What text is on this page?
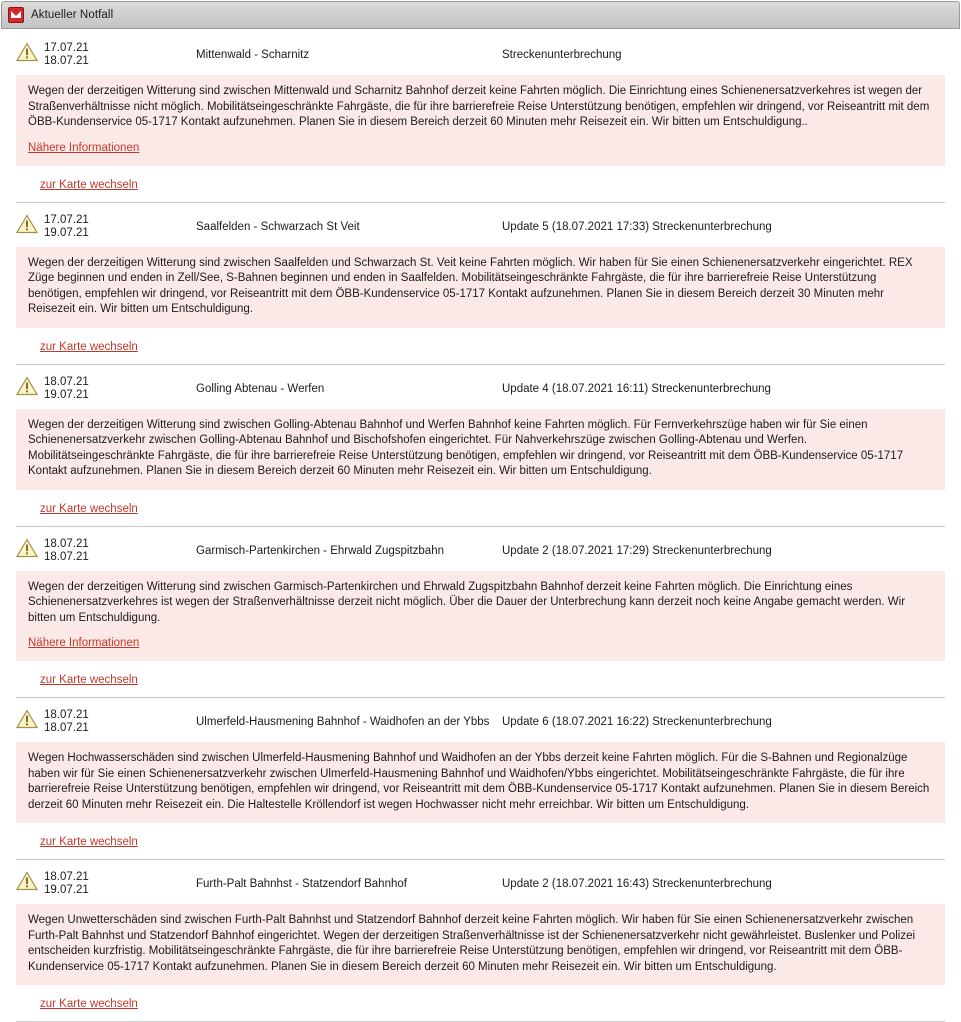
Aktueller Notfall
17.07.21
18.07.21	Mittenwald - Scharnitz	Streckenunterbrechung
Wegen der derzeitigen Witterung sind zwischen Mittenwald und Scharnitz Bahnhof derzeit keine Fahrten möglich. Die Einrichtung eines Schienenersatzverkehres ist wegen der Straßenverhältnisse nicht möglich. Mobilitätseingeschränkte Fahrgäste, die für ihre barrierefreie Reise Unterstützung benötigen, empfehlen wir dringend, vor Reiseantritt mit dem ÖBB-Kundenservice 05-1717 Kontakt aufzunehmen. Planen Sie in diesem Bereich derzeit 60 Minuten mehr Reisezeit ein. Wir bitten um Entschuldigung..
Nähere Informationen
zur Karte wechseln
17.07.21
19.07.21	Saalfelden - Schwarzach St Veit	Update 5 (18.07.2021 17:33) Streckenunterbrechung
Wegen der derzeitigen Witterung sind zwischen Saalfelden und Schwarzach St. Veit keine Fahrten möglich. Wir haben für Sie einen Schienenersatzverkehr eingerichtet. REX Züge beginnen und enden in Zell/See, S-Bahnen beginnen und enden in Saalfelden. Mobilitätseingeschränkte Fahrgäste, die für ihre barrierefreie Reise Unterstützung benötigen, empfehlen wir dringend, vor Reiseantritt mit dem ÖBB-Kundenservice 05-1717 Kontakt aufzunehmen. Planen Sie in diesem Bereich derzeit 30 Minuten mehr Reisezeit ein. Wir bitten um Entschuldigung.
zur Karte wechseln
18.07.21
19.07.21	Golling Abtenau - Werfen	Update 4 (18.07.2021 16:11) Streckenunterbrechung
Wegen der derzeitigen Witterung sind zwischen Golling-Abtenau Bahnhof und Werfen Bahnhof keine Fahrten möglich. Für Fernverkehrszüge haben wir für Sie einen Schienenersatzverkehr zwischen Golling-Abtenau Bahnhof und Bischofshofen eingerichtet. Für Nahverkehrszüge zwischen Golling-Abtenau und Werfen. Mobilitätseingeschränkte Fahrgäste, die für ihre barrierefreie Reise Unterstützung benötigen, empfehlen wir dringend, vor Reiseantritt mit dem ÖBB-Kundenservice 05-1717 Kontakt aufzunehmen. Planen Sie in diesem Bereich derzeit 60 Minuten mehr Reisezeit ein. Wir bitten um Entschuldigung.
zur Karte wechseln
18.07.21
18.07.21	Garmisch-Partenkirchen - Ehrwald Zugspitzbahn	Update 2 (18.07.2021 17:29) Streckenunterbrechung
Wegen der derzeitigen Witterung sind zwischen Garmisch-Partenkirchen und Ehrwald Zugspitzbahn Bahnhof derzeit keine Fahrten möglich. Die Einrichtung eines Schienenersatzverkehres ist wegen der Straßenverhältnisse derzeit nicht möglich. Über die Dauer der Unterbrechung kann derzeit noch keine Angabe gemacht werden. Wir bitten um Entschuldigung.
Nähere Informationen
zur Karte wechseln
18.07.21
18.07.21	Ulmerfeld-Hausmening Bahnhof - Waidhofen an der Ybbs	Update 6 (18.07.2021 16:22) Streckenunterbrechung
Wegen Hochwasserschäden sind zwischen Ulmerfeld-Hausmening Bahnhof und Waidhofen an der Ybbs derzeit keine Fahrten möglich. Für die S-Bahnen und Regionalzüge haben wir für Sie einen Schienenersatzverkehr zwischen Ulmerfeld-Hausmening Bahnhof und Waidhofen/Ybbs eingerichtet. Mobilitätseingeschränkte Fahrgäste, die für ihre barrierefreie Reise Unterstützung benötigen, empfehlen wir dringend, vor Reiseantritt mit dem ÖBB-Kundenservice 05-1717 Kontakt aufzunehmen. Planen Sie in diesem Bereich derzeit 60 Minuten mehr Reisezeit ein. Die Haltestelle Kröllendorf ist wegen Hochwasser nicht mehr erreichbar. Wir bitten um Entschuldigung.
zur Karte wechseln
18.07.21
19.07.21	Furth-Palt Bahnhst - Statzendorf Bahnhof	Update 2 (18.07.2021 16:43) Streckenunterbrechung
Wegen Unwetterschäden sind zwischen Furth-Palt Bahnhst und Statzendorf Bahnhof derzeit keine Fahrten möglich. Wir haben für Sie einen Schienenersatzverkehr zwischen Furth-Palt Bahnhst und Statzendorf Bahnhof eingerichtet. Wegen der derzeitigen Straßenverhältnisse ist der Schienenersatzverkehr nicht gewährleistet. Buslenker und Polizei entscheiden kurzfristig. Mobilitätseingeschränkte Fahrgäste, die für ihre barrierefreie Reise Unterstützung benötigen, empfehlen wir dringend, vor Reiseantritt mit dem ÖBB-Kundenservice 05-1717 Kontakt aufzunehmen. Planen Sie in diesem Bereich derzeit 60 Minuten mehr Reisezeit ein. Wir bitten um Entschuldigung.
zur Karte wechseln
